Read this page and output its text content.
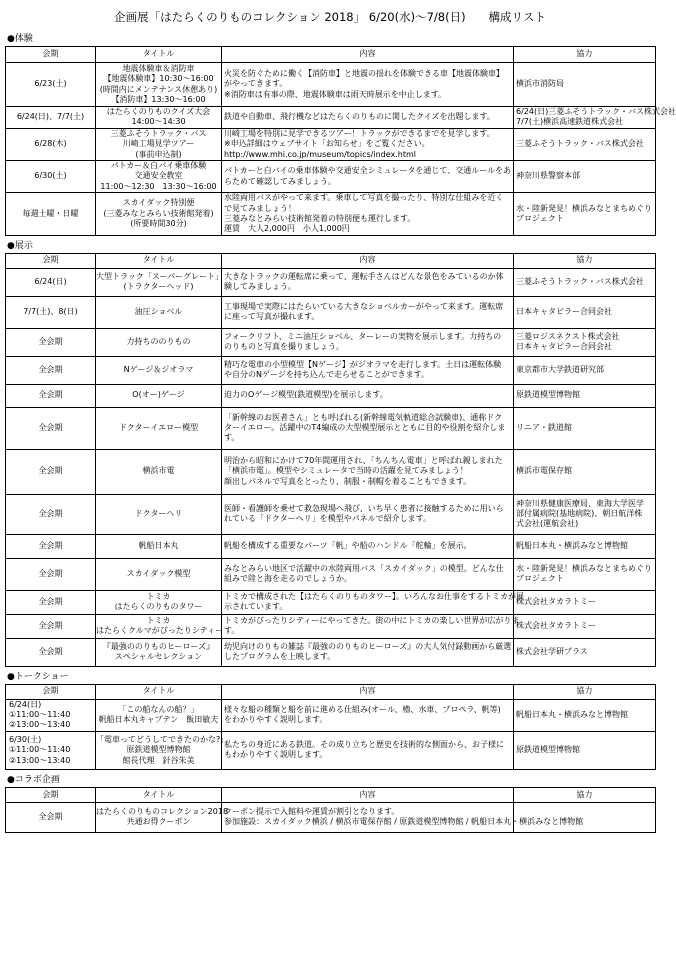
企画展「はたらくのりものコレクション 2018」 6/20(水)〜7/8(日)　　構成リスト
●体験
会期	タイトル	内容	協力

6/23(土)	地震体験車＆消防車
【地震体験車】10:30〜16:00
(時間内にメンテナンス休憩あり)
【消防車】13:30〜16:00	火災を防ぐために働く【消防車】と地震の揺れを体験できる車【地震体験車】
がやってきます。
※消防車は有事の際、地震体験車は雨天時展示を中止します。	横浜市消防局

6/24(日)、7/7(土)	はたらくのりものクイズ大会
14:00〜14:30	鉄道や自動車、飛行機などはたらくのりものに関したクイズを出題します。	6/24(日)三菱ふそうトラック・バス株式会社
7/7(土)横浜高速鉄道株式会社

6/28(木)	三菱ふそうトラック・バス
川崎工場見学ツアー
(事前申込制)	川崎工場を特別に見学できるツアー！トラックができるまでを見学します。
※申込詳細はウェブサイト「お知らせ」をご覧ください。
http://www.mhi.co.jp/museum/topics/index.html	三菱ふそうトラック・バス株式会社

6/30(土)	パトカー＆白バイ乗車体験
交通安全教室
11:00〜12:30　13:30〜16:00	パトカーと白バイの乗車体験や交通安全シミュレータを通じて、交通ルールをあ
らためて確認してみましょう。	神奈川県警察本部

毎週土曜・日曜	スカイダック特別便
(三菱みなとみらい技術館発着)
(所要時間30分)	水陸両用バスがやって来ます。乗車して写真を撮ったり、特別な仕組みを近く
で見てみましょう！
三菱みなとみらい技術館発着の特別便も運行します。
運賃　大人2,000円　小人1,000円	水・陸新発見！横浜みなとまちめぐり
プロジェクト
●展示
会期	タイトル	内容	協力

6/24(日)	大型トラック「スーパーグレート」
(トラクターヘッド)	大きなトラックの運転席に乗って、運転手さんはどんな景色をみているのか体
験してみましょう。	三菱ふそうトラック・バス株式会社

7/7(土)、8(日)	油圧ショベル	工事現場で実際にはたらいている大きなショベルカーがやって来ます。運転席
に座って写真が撮れます。	日本キャタピラー合同会社

全会期	力持ちののりもの	フォークリフト、ミニ油圧ショベル、ターレーの実物を展示します。力持ちの
のりものと写真を撮りましょう。	三菱ロジスネクスト株式会社
日本キャタピラー合同会社

全会期	Nゲージ＆ジオラマ	精巧な電車の小型模型【Nゲージ】がジオラマを走行します。土日は運転体験
や自分のNゲージを持ち込んで走らせることができます。	東京都市大学鉄道研究部

全会期	O(オー)ゲージ	迫力のOゲージ模型(鉄道模型)を展示します。	原鉄道模型博物館

全会期	ドクターイエロー模型	「新幹線のお医者さん」とも呼ばれる(新幹線電気軌道総合試験車)、通称ドク
ターイエロー。活躍中のT4編成の大型模型展示とともに目的や役割を紹介しま
す。	リニア・鉄道館

全会期	横浜市電	明治から昭和にかけて70年間運用され、「ちんちん電車」と呼ばれ親しまれた
「横浜市電」。模型やシミュレータで当時の活躍を見てみましょう！
顔出しパネルで写真をとったり、制服・制帽を着ることもできます。	横浜市電保存館

全会期	ドクターヘリ	医師・看護師を乗せて救急現場へ飛び、いち早く患者に接触するために用いら
れている「ドクターヘリ」を模型やパネルで紹介します。	神奈川県健康医療局、東海大学医学
部付属病院(基地病院)、朝日航洋株
式会社(運航会社)

全会期	帆船日本丸	帆船を構成する重要なパーツ「帆」や船のハンドル「舵輪」を展示。	帆船日本丸・横浜みなと博物館

全会期	スカイダック模型	みなとみらい地区で活躍中の水陸両用バス「スカイダック」の模型。どんな仕
組みで陸と海を走るのでしょうか。	水・陸新発見！横浜みなとまちめぐり
プロジェクト

全会期	トミカ
はたらくのりものタワー	トミカで構成された【はたらくのりものタワー】。いろんなお仕事をするトミカが展
示されています。	株式会社タカラトミー

全会期	トミカ
はたらくクルマがぴったりシティー	トミカがぴったりシティーにやってきた。街の中にトミカの楽しい世界が広がりま
す。	株式会社タカラトミー

全会期	『最強ののりものヒーローズ』
スペシャルセレクション	幼児向けのりもの雑誌『最強ののりものヒーローズ』の大人気付録動画から厳選
したプログラムを上映します。	株式会社学研プラス
●トークショー
会期	タイトル	内容	協力

6/24(日)
①11:00〜11:40
②13:00〜13:40	「この船なんの船？」
帆船日本丸キャプテン　飯田敏夫	様々な船の種類と船を前に進める仕組み(オール、櫓、水車、プロペラ、帆等)
をわかりやすく説明します。	帆船日本丸・横浜みなと博物館

6/30(土)
①11:00〜11:40
②13:00〜13:40	「電車ってどうしてできたのかな?」
原鉄道模型博物館
館長代理　針谷朱美	私たちの身近にある鉄道。その成り立ちと歴史を技術的な側面から、お子様に
もわかりやすく説明します。	原鉄道模型博物館
●コラボ企画
会期	タイトル	内容	協力

全会期	はたらくのりものコレクション2018
共通お得クーポン	クーポン提示で入館料や運賃が割引となります。
参加施設：スカイダック横浜 / 横浜市電保存館 / 原鉄道模型博物館 / 帆船日本丸・横浜みなと博物館	
